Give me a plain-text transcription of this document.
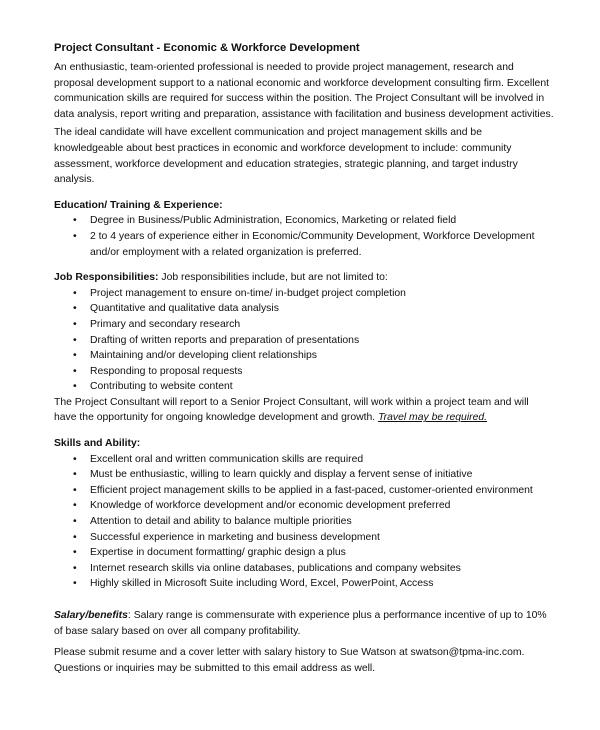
Project Consultant - Economic & Workforce Development

An enthusiastic, team-oriented professional is needed to provide project management, research and proposal development support to a national economic and workforce development consulting firm. Excellent communication skills are required for success within the position. The Project Consultant will be involved in data analysis, report writing and preparation, assistance with facilitation and business development activities.

The ideal candidate will have excellent communication and project management skills and be knowledgeable about best practices in economic and workforce development to include: community assessment, workforce development and education strategies, strategic planning, and target industry analysis.

Education/ Training & Experience:

• Degree in Business/Public Administration, Economics, Marketing or related field
• 2 to 4 years of experience either in Economic/Community Development, Workforce Development and/or employment with a related organization is preferred.

Job Responsibilities: Job responsibilities include, but are not limited to:

• Project management to ensure on-time/ in-budget project completion
• Quantitative and qualitative data analysis
• Primary and secondary research
• Drafting of written reports and preparation of presentations
• Maintaining and/or developing client relationships
• Responding to proposal requests
• Contributing to website content

The Project Consultant will report to a Senior Project Consultant, will work within a project team and will have the opportunity for ongoing knowledge development and growth. Travel may be required.

Skills and Ability:

• Excellent oral and written communication skills are required
• Must be enthusiastic, willing to learn quickly and display a fervent sense of initiative
• Efficient project management skills to be applied in a fast-paced, customer-oriented environment
• Knowledge of workforce development and/or economic development preferred
• Attention to detail and ability to balance multiple priorities
• Successful experience in marketing and business development
• Expertise in document formatting/ graphic design a plus
• Internet research skills via online databases, publications and company websites
• Highly skilled in Microsoft Suite including Word, Excel, PowerPoint, Access

Salary/benefits: Salary range is commensurate with experience plus a performance incentive of up to 10% of base salary based on over all company profitability.

Please submit resume and a cover letter with salary history to Sue Watson at swatson@tpma-inc.com. Questions or inquiries may be submitted to this email address as well.
